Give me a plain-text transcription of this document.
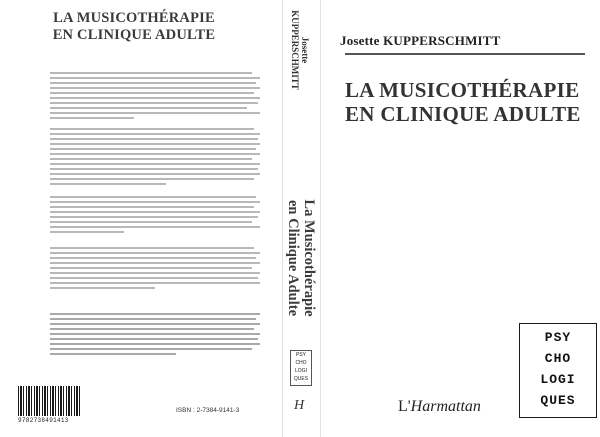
LA MUSICOTHÉRAPIE
EN CLINIQUE ADULTE
9782738491413
ISBN : 2-7384-9141-3
Josette
KUPPERSCHMITT
La Musicothérapie
en Clinique Adulte
PSY
CHO
LOGI
QUES
H
Josette KUPPERSCHMITT
LA MUSICOTHÉRAPIE
EN CLINIQUE ADULTE
L'Harmattan
PSY
CHO
LOGI
QUES
